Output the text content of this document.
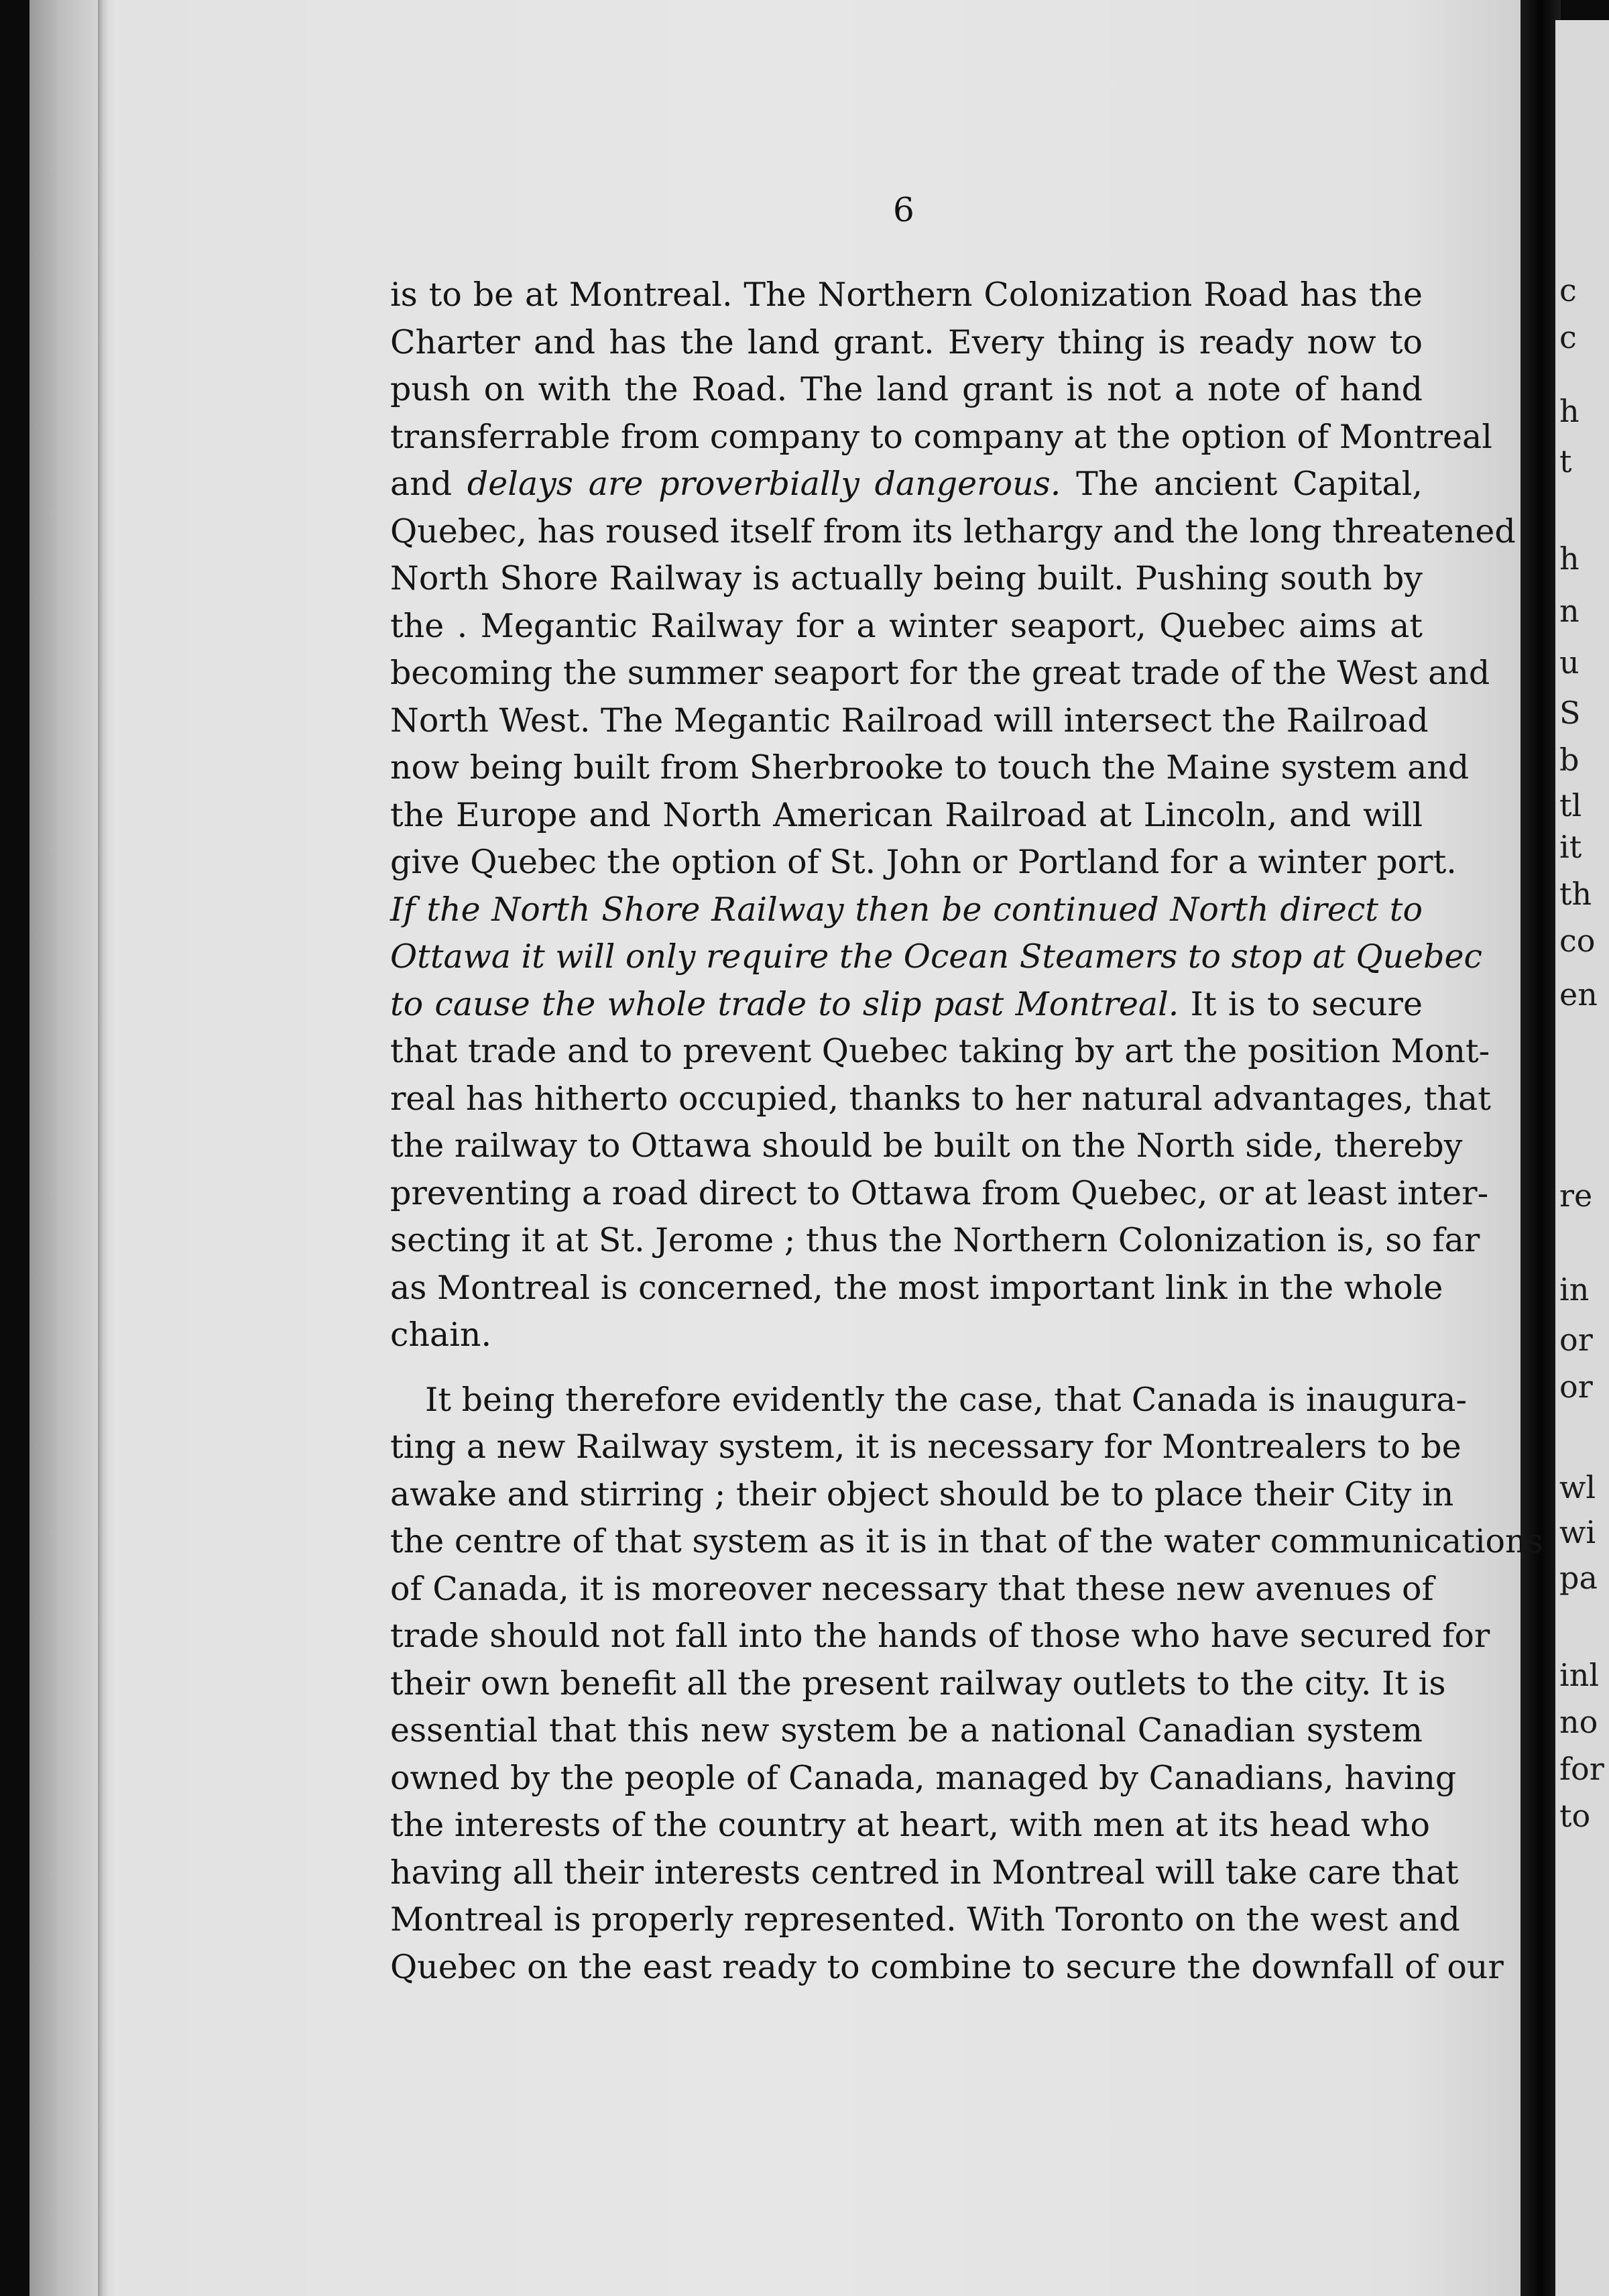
c
c
h
t
h
n
u
S
b
tl
it
th
co
en
re
in
or
or
wl
wi
pa
inl
no
for
to
6
is to be at Montreal. The Northern Colonization Road has the
Charter and has the land grant. Every thing is ready now to
push on with the Road. The land grant is not a note of hand
transferrable from company to company at the option of Montreal
and delays are proverbially dangerous. The ancient Capital,
Quebec, has roused itself from its lethargy and the long threatened
North Shore Railway is actually being built. Pushing south by
the . Megantic Railway for a winter seaport, Quebec aims at
becoming the summer seaport for the great trade of the West and
North West. The Megantic Railroad will intersect the Railroad
now being built from Sherbrooke to touch the Maine system and
the Europe and North American Railroad at Lincoln, and will
give Quebec the option of St. John or Portland for a winter port.
If the North Shore Railway then be continued North direct to
Ottawa it will only require the Ocean Steamers to stop at Quebec
to cause the whole trade to slip past Montreal. It is to secure
that trade and to prevent Quebec taking by art the position Mont-
real has hitherto occupied, thanks to her natural advantages, that
the railway to Ottawa should be built on the North side, thereby
preventing a road direct to Ottawa from Quebec, or at least inter-
secting it at St. Jerome ; thus the Northern Colonization is, so far
as Montreal is concerned, the most important link in the whole
chain.
It being therefore evidently the case, that Canada is inaugura-
ting a new Railway system, it is necessary for Montrealers to be
awake and stirring ; their object should be to place their City in
the centre of that system as it is in that of the water communications
of Canada, it is moreover necessary that these new avenues of
trade should not fall into the hands of those who have secured for
their own benefit all the present railway outlets to the city. It is
essential that this new system be a national Canadian system
owned by the people of Canada, managed by Canadians, having
the interests of the country at heart, with men at its head who
having all their interests centred in Montreal will take care that
Montreal is properly represented. With Toronto on the west and
Quebec on the east ready to combine to secure the downfall of our
